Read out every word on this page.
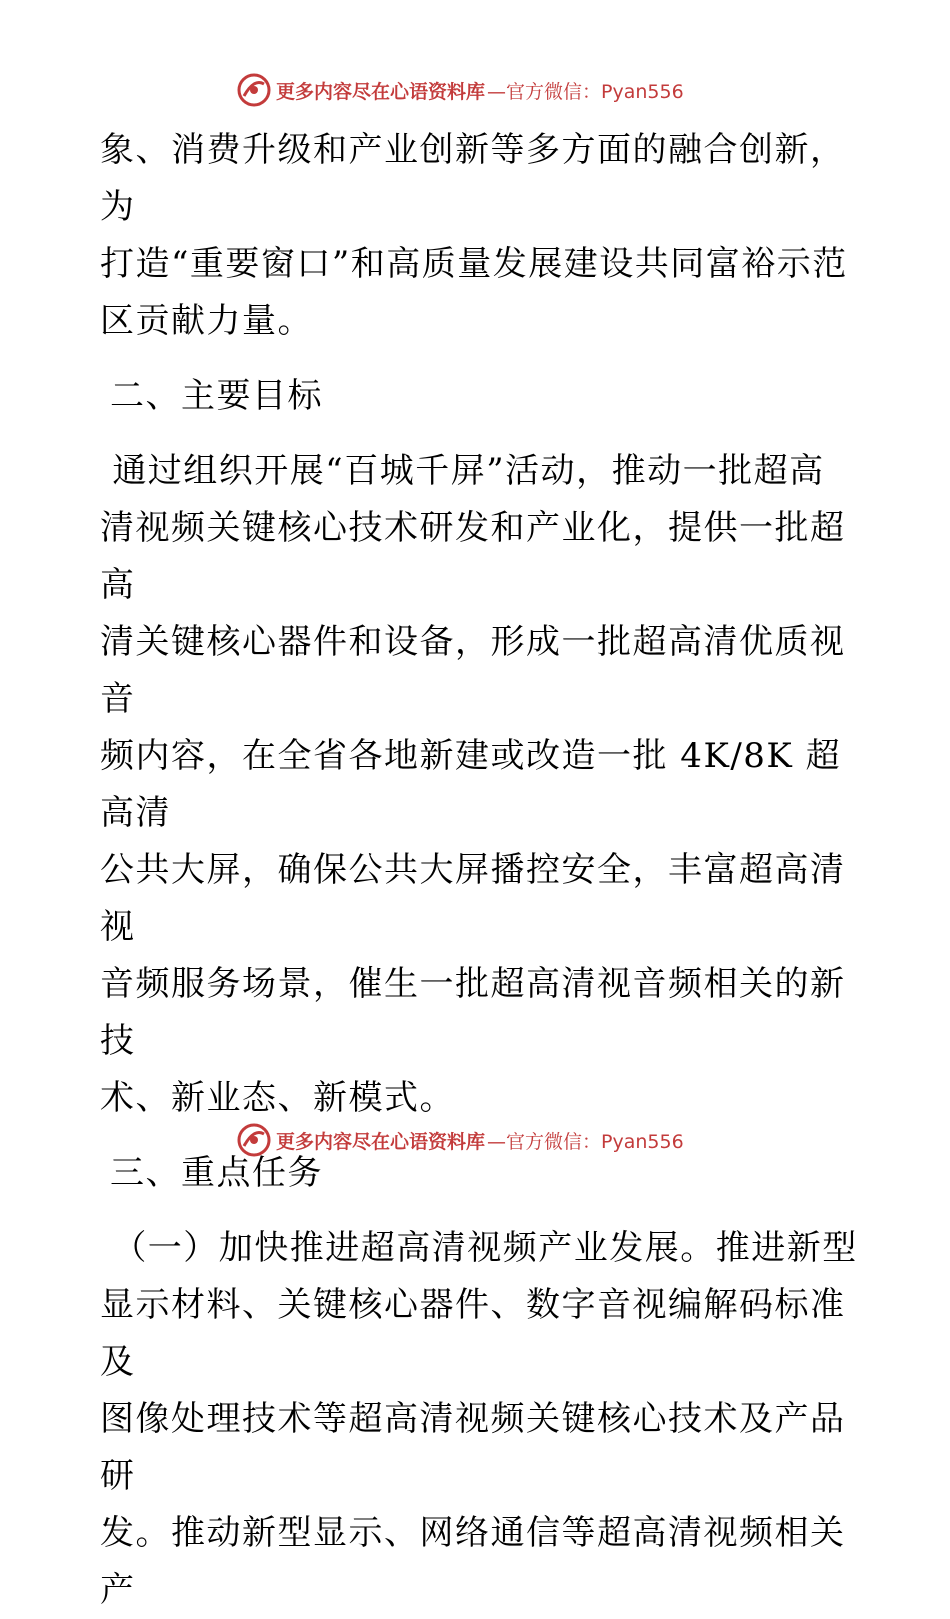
更多内容尽在心语资料库 —官方微信：Pyan556

象、消费升级和产业创新等多方面的融合创新，为

打造“重要窗口”和高质量发展建设共同富裕示范

区贡献力量。

二、主要目标

通过组织开展“百城千屏”活动，推动一批超高

清视频关键核心技术研发和产业化，提供一批超高

清关键核心器件和设备，形成一批超高清优质视音

频内容，在全省各地新建或改造一批 4K/8K 超高清

公共大屏，确保公共大屏播控安全，丰富超高清视

音频服务场景，催生一批超高清视音频相关的新技

术、新业态、新模式。

三、重点任务

（一）加快推进超高清视频产业发展。推进新型

显示材料、关键核心器件、数字音视编解码标准及

图像处理技术等超高清视频关键核心技术及产品研

发。推动新型显示、网络通信等超高清视频相关产

更多内容尽在心语资料库 —官方微信：Pyan556
